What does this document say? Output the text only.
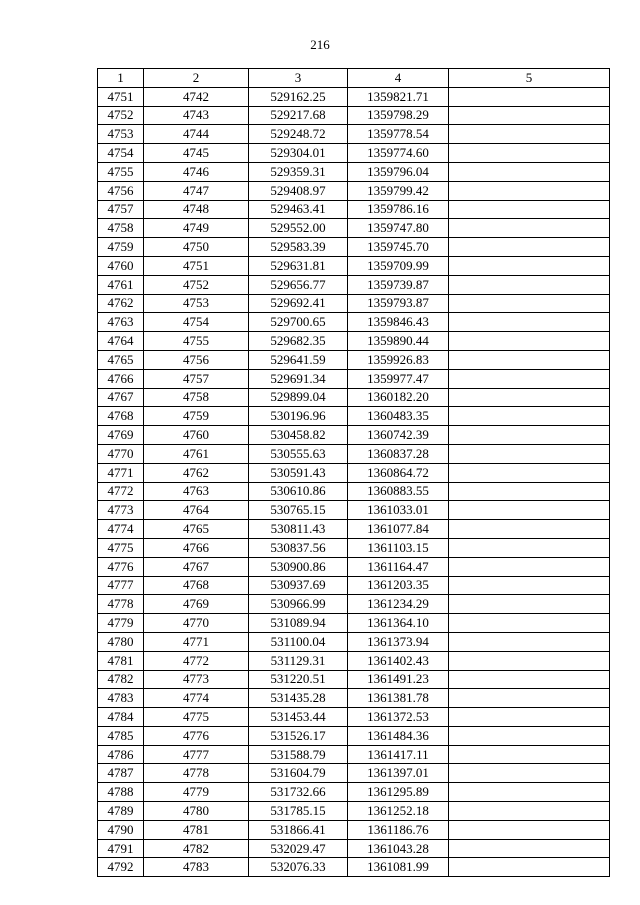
216
1	2	3	4	5
4751	4742	529162.25	1359821.71	
4752	4743	529217.68	1359798.29	
4753	4744	529248.72	1359778.54	
4754	4745	529304.01	1359774.60	
4755	4746	529359.31	1359796.04	
4756	4747	529408.97	1359799.42	
4757	4748	529463.41	1359786.16	
4758	4749	529552.00	1359747.80	
4759	4750	529583.39	1359745.70	
4760	4751	529631.81	1359709.99	
4761	4752	529656.77	1359739.87	
4762	4753	529692.41	1359793.87	
4763	4754	529700.65	1359846.43	
4764	4755	529682.35	1359890.44	
4765	4756	529641.59	1359926.83	
4766	4757	529691.34	1359977.47	
4767	4758	529899.04	1360182.20	
4768	4759	530196.96	1360483.35	
4769	4760	530458.82	1360742.39	
4770	4761	530555.63	1360837.28	
4771	4762	530591.43	1360864.72	
4772	4763	530610.86	1360883.55	
4773	4764	530765.15	1361033.01	
4774	4765	530811.43	1361077.84	
4775	4766	530837.56	1361103.15	
4776	4767	530900.86	1361164.47	
4777	4768	530937.69	1361203.35	
4778	4769	530966.99	1361234.29	
4779	4770	531089.94	1361364.10	
4780	4771	531100.04	1361373.94	
4781	4772	531129.31	1361402.43	
4782	4773	531220.51	1361491.23	
4783	4774	531435.28	1361381.78	
4784	4775	531453.44	1361372.53	
4785	4776	531526.17	1361484.36	
4786	4777	531588.79	1361417.11	
4787	4778	531604.79	1361397.01	
4788	4779	531732.66	1361295.89	
4789	4780	531785.15	1361252.18	
4790	4781	531866.41	1361186.76	
4791	4782	532029.47	1361043.28	
4792	4783	532076.33	1361081.99	
